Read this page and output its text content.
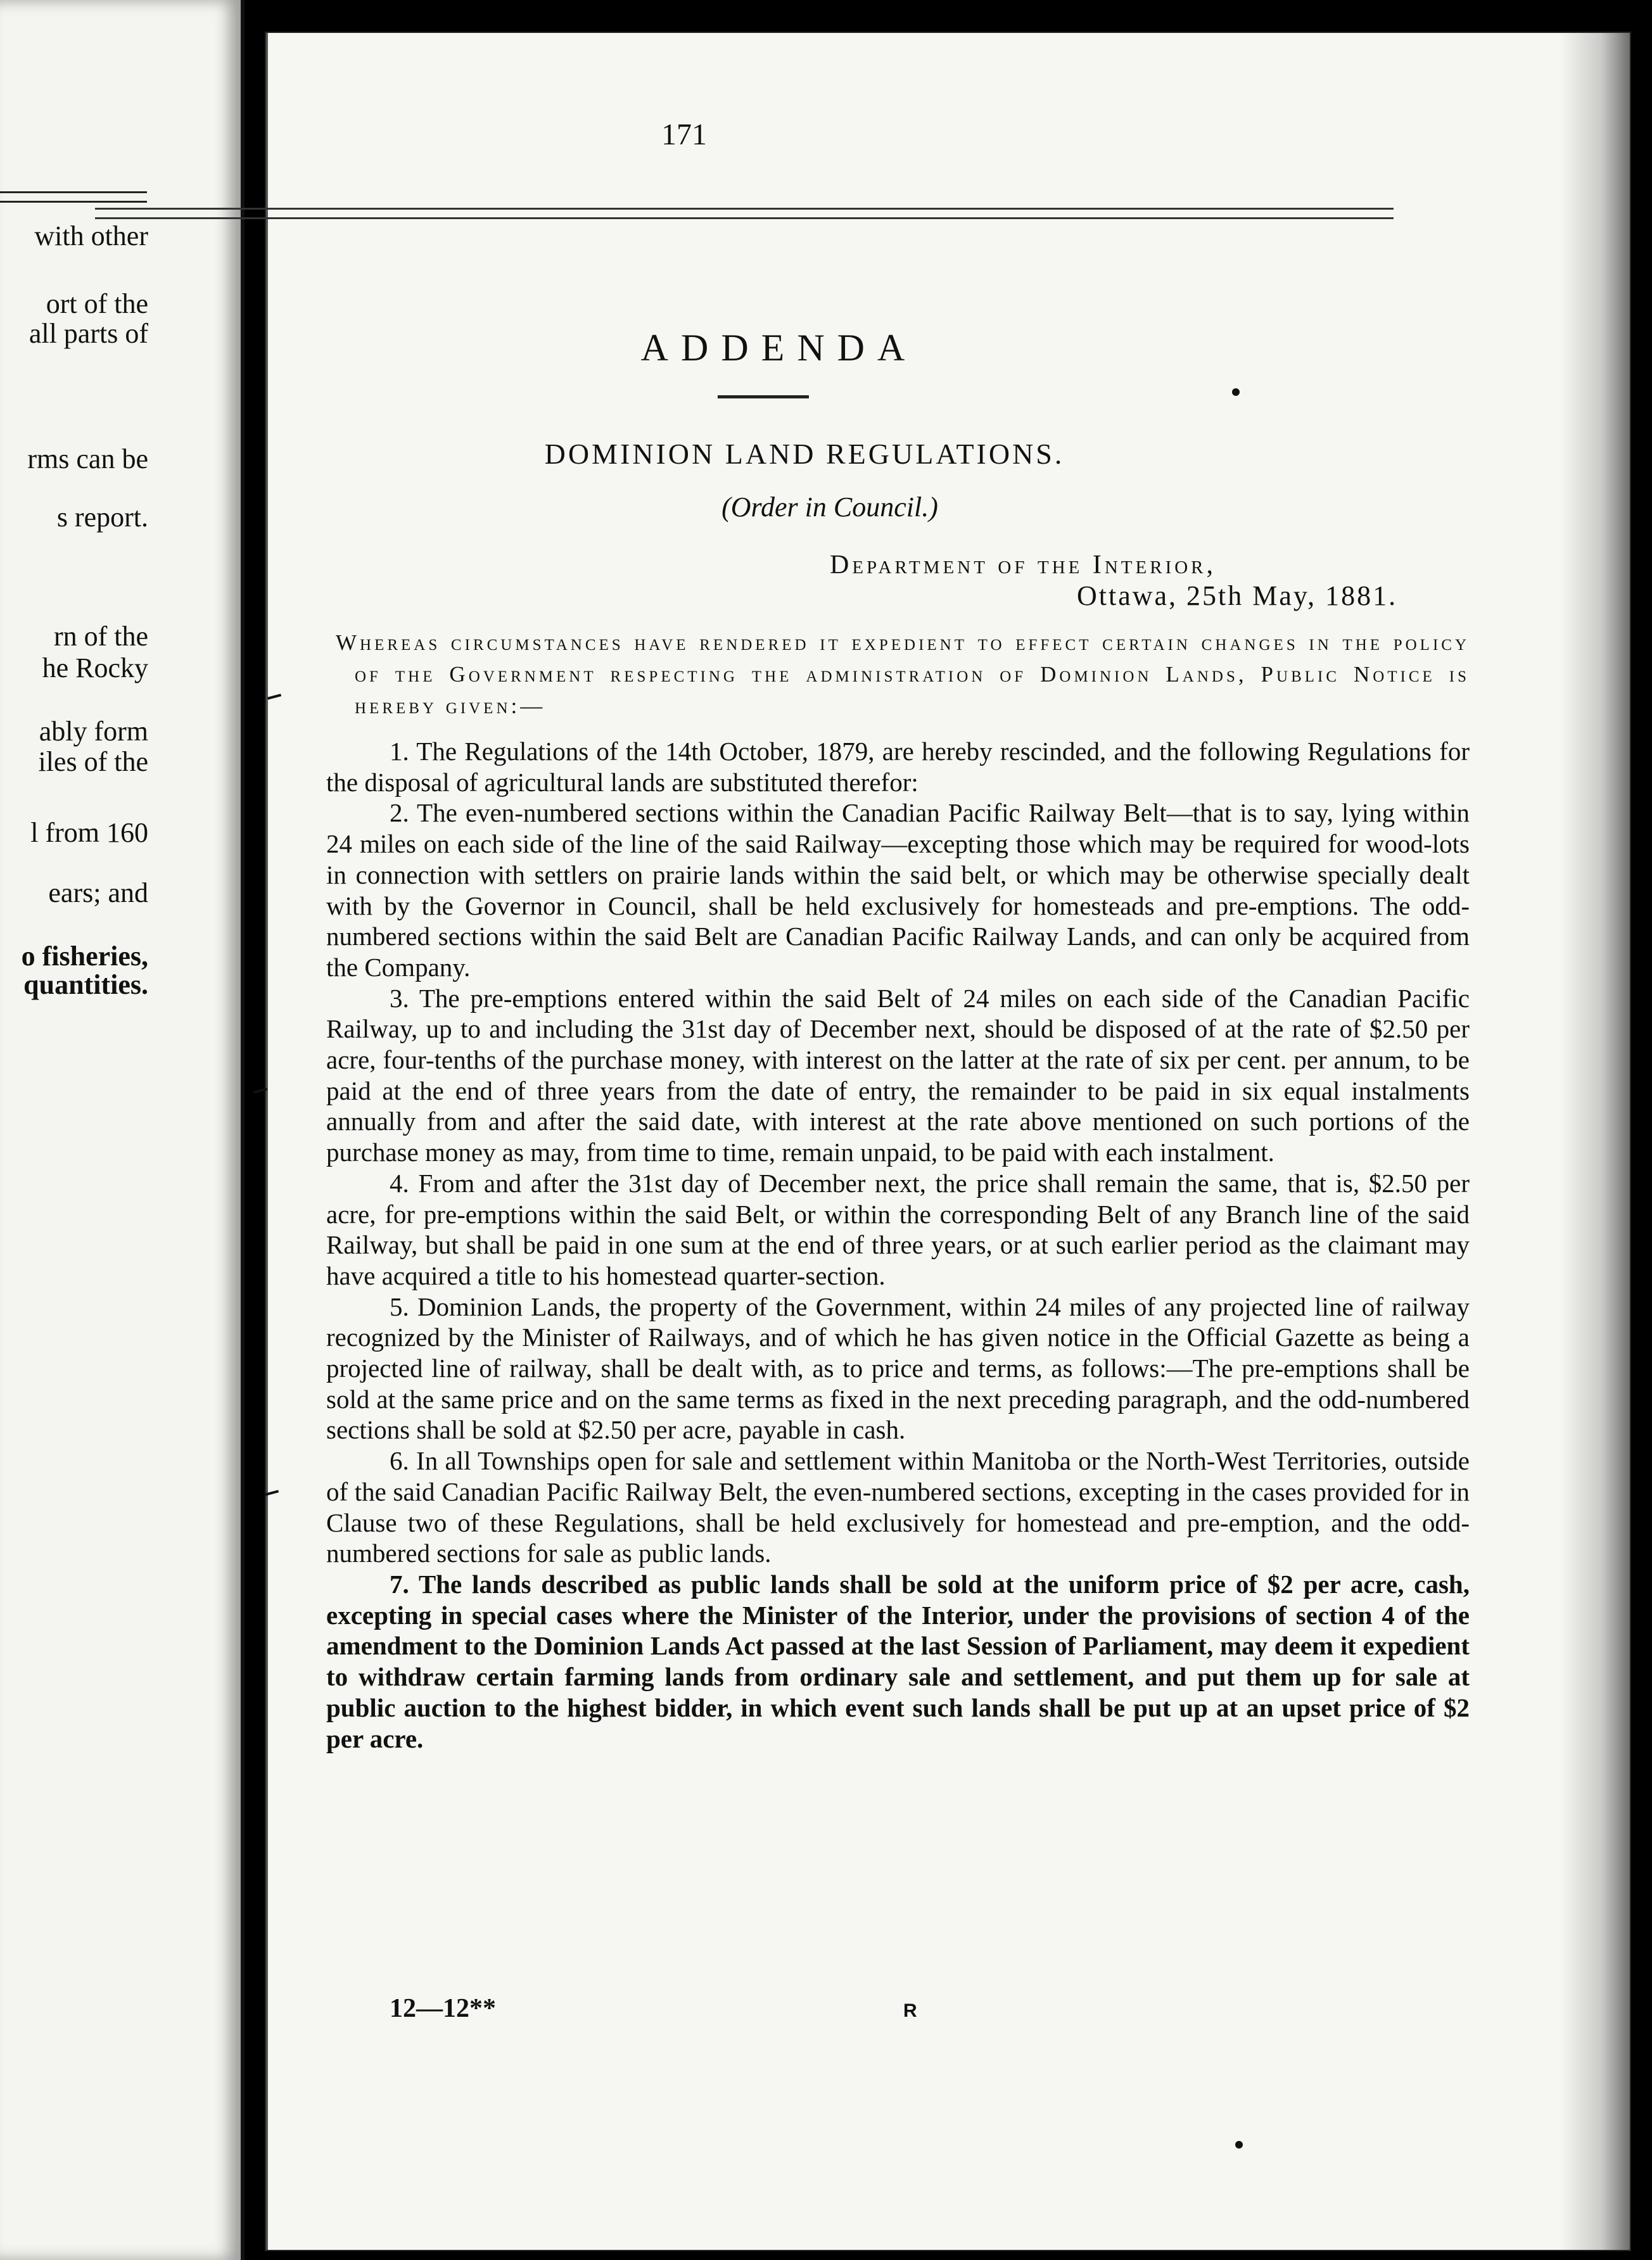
with other
ort of the
all parts of
rms can be
s report.
rn of the
he Rocky
ably form
iles of the
l from 160
ears; and
o fisheries,
quantities.
171
ADDENDA
DOMINION LAND REGULATIONS.
(Order in Council.)
Department of the Interior,
Ottawa, 25th May, 1881.
Whereas circumstances have rendered it expedient to effect certain changes in the policy of the Government respecting the administration of Dominion Lands, Public Notice is hereby given:—

1. The Regulations of the 14th October, 1879, are hereby rescinded, and the following Regulations for the disposal of agricultural lands are substituted therefor:

2. The even-numbered sections within the Canadian Pacific Railway Belt—that is to say, lying within 24 miles on each side of the line of the said Railway—excepting those which may be required for wood-lots in connection with settlers on prairie lands within the said belt, or which may be otherwise specially dealt with by the Governor in Council, shall be held exclusively for homesteads and pre-emptions. The odd-numbered sections within the said Belt are Canadian Pacific Railway Lands, and can only be acquired from the Company.

3. The pre-emptions entered within the said Belt of 24 miles on each side of the Canadian Pacific Railway, up to and including the 31st day of December next, should be disposed of at the rate of $2.50 per acre, four-tenths of the purchase money, with interest on the latter at the rate of six per cent. per annum, to be paid at the end of three years from the date of entry, the remainder to be paid in six equal instalments annually from and after the said date, with interest at the rate above mentioned on such portions of the purchase money as may, from time to time, remain unpaid, to be paid with each instalment.

4. From and after the 31st day of December next, the price shall remain the same, that is, $2.50 per acre, for pre-emptions within the said Belt, or within the corresponding Belt of any Branch line of the said Railway, but shall be paid in one sum at the end of three years, or at such earlier period as the claimant may have acquired a title to his homestead quarter-section.

5. Dominion Lands, the property of the Government, within 24 miles of any projected line of railway recognized by the Minister of Railways, and of which he has given notice in the Official Gazette as being a projected line of railway, shall be dealt with, as to price and terms, as follows:—The pre-emptions shall be sold at the same price and on the same terms as fixed in the next preceding paragraph, and the odd-numbered sections shall be sold at $2.50 per acre, payable in cash.

6. In all Townships open for sale and settlement within Manitoba or the North-West Territories, outside of the said Canadian Pacific Railway Belt, the even-numbered sections, excepting in the cases provided for in Clause two of these Regulations, shall be held exclusively for homestead and pre-emption, and the odd-numbered sections for sale as public lands.

7. The lands described as public lands shall be sold at the uniform price of $2 per acre, cash, excepting in special cases where the Minister of the Interior, under the provisions of section 4 of the amendment to the Dominion Lands Act passed at the last Session of Parliament, may deem it expedient to withdraw certain farming lands from ordinary sale and settlement, and put them up for sale at public auction to the highest bidder, in which event such lands shall be put up at an upset price of $2 per acre.

12—12**	R
